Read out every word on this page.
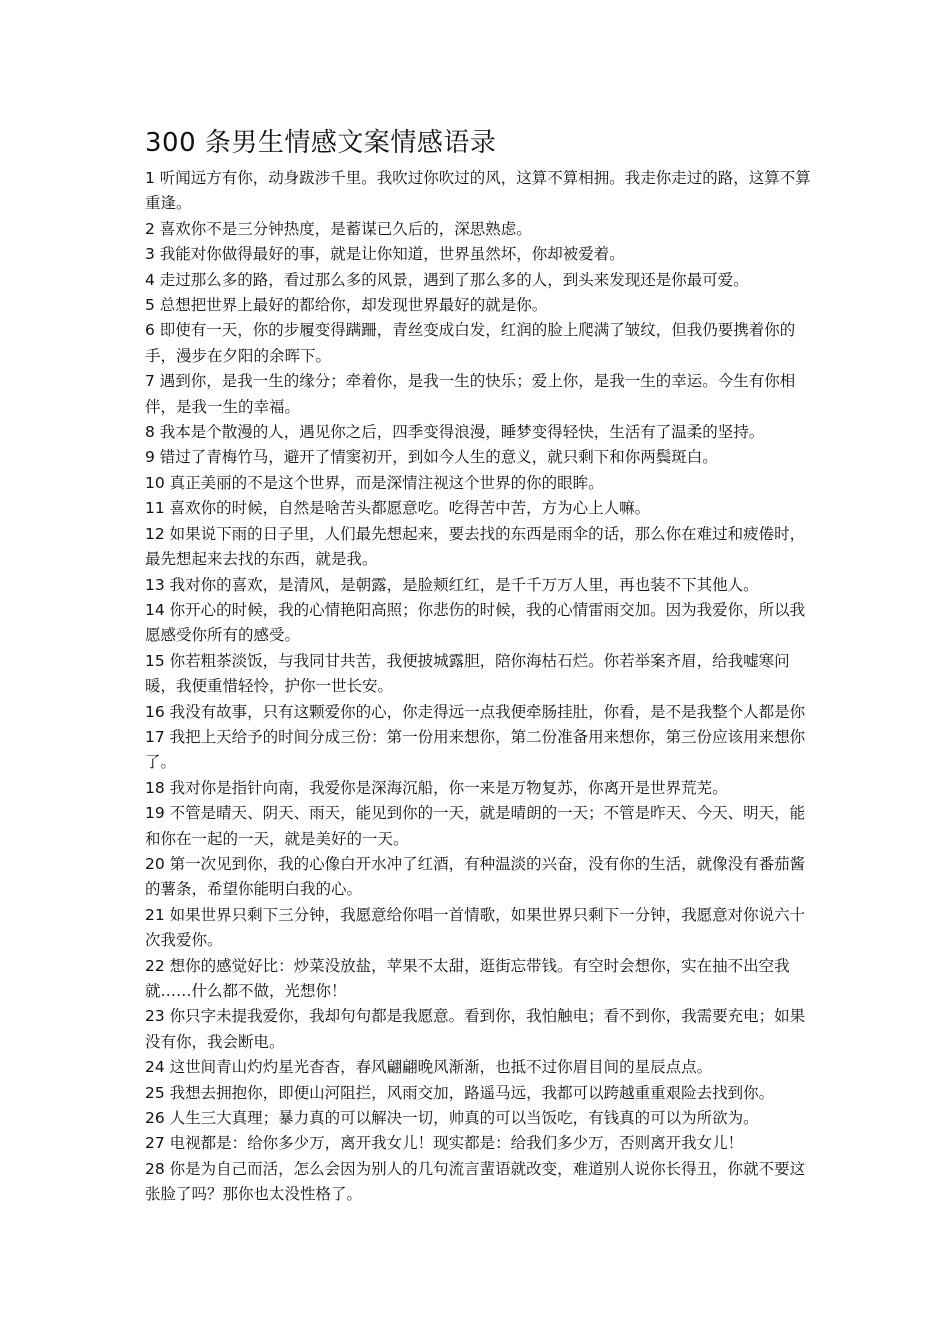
300 条男生情感文案情感语录
1 听闻远方有你，动身跋涉千里。我吹过你吹过的风，这算不算相拥。我走你走过的路，这算不算重逢。
2 喜欢你不是三分钟热度，是蓄谋已久后的，深思熟虑。
3 我能对你做得最好的事，就是让你知道，世界虽然坏，你却被爱着。
4 走过那么多的路，看过那么多的风景，遇到了那么多的人，到头来发现还是你最可爱。
5 总想把世界上最好的都给你，却发现世界最好的就是你。
6 即使有一天，你的步履变得蹒跚，青丝变成白发，红润的脸上爬满了皱纹，但我仍要携着你的手，漫步在夕阳的余晖下。
7 遇到你，是我一生的缘分；牵着你，是我一生的快乐；爱上你，是我一生的幸运。今生有你相伴，是我一生的幸福。
8 我本是个散漫的人，遇见你之后，四季变得浪漫，睡梦变得轻快，生活有了温柔的坚持。
9 错过了青梅竹马，避开了情窦初开，到如今人生的意义，就只剩下和你两鬓斑白。
10 真正美丽的不是这个世界，而是深情注视这个世界的你的眼眸。
11 喜欢你的时候，自然是啥苦头都愿意吃。吃得苦中苦，方为心上人嘛。
12 如果说下雨的日子里，人们最先想起来，要去找的东西是雨伞的话，那么你在难过和疲倦时，最先想起来去找的东西，就是我。
13 我对你的喜欢，是清风，是朝露，是脸颊红红，是千千万万人里，再也装不下其他人。
14 你开心的时候，我的心情艳阳高照；你悲伤的时候，我的心情雷雨交加。因为我爱你，所以我愿感受你所有的感受。
15 你若粗茶淡饭，与我同甘共苦，我便披城露胆，陪你海枯石烂。你若举案齐眉，给我嘘寒问暖，我便重惜轻怜，护你一世长安。
16 我没有故事，只有这颗爱你的心，你走得远一点我便牵肠挂肚，你看，是不是我整个人都是你
17 我把上天给予的时间分成三份：第一份用来想你，第二份准备用来想你，第三份应该用来想你了。
18 我对你是指针向南，我爱你是深海沉船，你一来是万物复苏，你离开是世界荒芜。
19 不管是晴天、阴天、雨天，能见到你的一天，就是晴朗的一天；不管是昨天、今天、明天，能和你在一起的一天，就是美好的一天。
20 第一次见到你，我的心像白开水冲了红酒，有种温淡的兴奋，没有你的生活，就像没有番茄酱的薯条，希望你能明白我的心。
21 如果世界只剩下三分钟，我愿意给你唱一首情歌，如果世界只剩下一分钟，我愿意对你说六十次我爱你。
22 想你的感觉好比：炒菜没放盐，苹果不太甜，逛街忘带钱。有空时会想你，实在抽不出空我就……什么都不做，光想你！
23 你只字未提我爱你，我却句句都是我愿意。看到你，我怕触电；看不到你，我需要充电；如果没有你，我会断电。
24 这世间青山灼灼星光杳杳，春风翩翩晚风渐渐，也抵不过你眉目间的星辰点点。
25 我想去拥抱你，即便山河阻拦，风雨交加，路遥马远，我都可以跨越重重艰险去找到你。
26 人生三大真理；暴力真的可以解决一切，帅真的可以当饭吃，有钱真的可以为所欲为。
27 电视都是：给你多少万，离开我女儿！现实都是：给我们多少万，否则离开我女儿！
28 你是为自己而活，怎么会因为别人的几句流言蜚语就改变，难道别人说你长得丑，你就不要这张脸了吗？那你也太没性格了。
